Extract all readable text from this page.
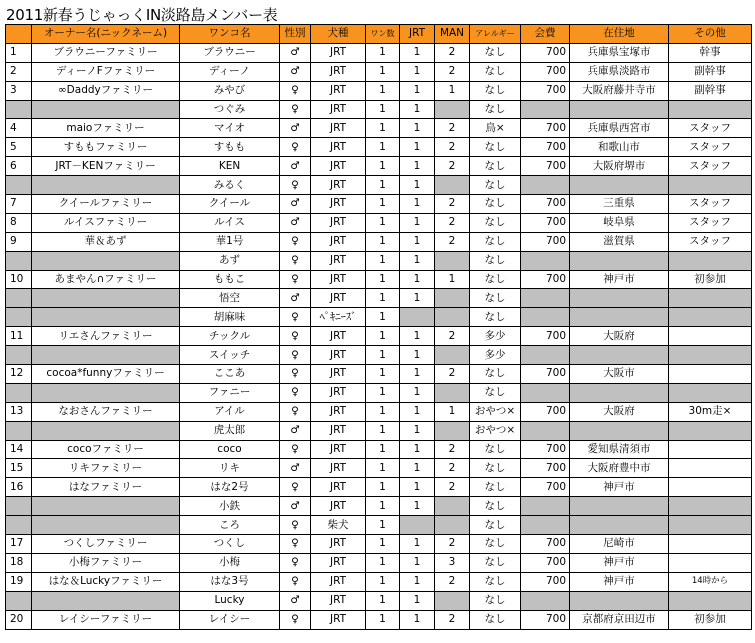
2011新春うじゃっくIN淡路島メンバー表
	オーナー名(ニックネーム)	ワンコ名	性別	犬種	ワン数	JRT	MAN	アレルギー	会費	在住地	その他
1	ブラウニーファミリー	ブラウニー	♂	JRT	1	1	2	なし	700	兵庫県宝塚市	幹事
2	ディーノFファミリー	ディーノ	♂	JRT	1	1	2	なし	700	兵庫県淡路市	副幹事
3	∞Daddyファミリー	みやび	♀	JRT	1	1	1	なし	700	大阪府藤井寺市	副幹事
		つぐみ	♀	JRT	1	1		なし			
4	maioファミリー	マイオ	♂	JRT	1	1	2	鳥×	700	兵庫県西宮市	スタッフ
5	すももファミリー	すもも	♀	JRT	1	1	2	なし	700	和歌山市	スタッフ
6	JRT－KENファミリー	KEN	♂	JRT	1	1	2	なし	700	大阪府堺市	スタッフ
		みるく	♀	JRT	1	1		なし			
7	クイールファミリー	クイール	♂	JRT	1	1	2	なし	700	三重県	スタッフ
8	ルイスファミリー	ルイス	♂	JRT	1	1	2	なし	700	岐阜県	スタッフ
9	華＆あず	華1号	♀	JRT	1	1	2	なし	700	滋賀県	スタッフ
		あず	♀	JRT	1	1		なし			
10	あまやん∩ファミリー	ももこ	♀	JRT	1	1	1	なし	700	神戸市	初参加
		悟空	♂	JRT	1	1		なし			
		胡麻味	♀	ﾍﾟｷﾆｰｽﾞ	1			なし			
11	リエさんファミリー	チックル	♀	JRT	1	1	2	多少	700	大阪府	
		スイッチ	♀	JRT	1	1		多少			
12	cocoa*funnyファミリー	ここあ	♀	JRT	1	1	2	なし	700	大阪市	
		ファニー	♀	JRT	1	1		なし			
13	なおさんファミリー	アイル	♀	JRT	1	1	1	おやつ×	700	大阪府	30m走×
		虎太郎	♂	JRT	1	1		おやつ×			
14	cocoファミリー	coco	♀	JRT	1	1	2	なし	700	愛知県清須市	
15	リキファミリー	リキ	♂	JRT	1	1	2	なし	700	大阪府豊中市	
16	はなファミリー	はな2号	♀	JRT	1	1	2	なし	700	神戸市	
		小鉄	♂	JRT	1	1		なし			
		ころ	♀	柴犬	1			なし			
17	つくしファミリー	つくし	♀	JRT	1	1	2	なし	700	尼崎市	
18	小梅ファミリー	小梅	♀	JRT	1	1	3	なし	700	神戸市	
19	はな＆Luckyファミリー	はな3号	♀	JRT	1	1	2	なし	700	神戸市	14時から
		Lucky	♂	JRT	1	1		なし			
20	レイシーファミリー	レイシー	♀	JRT	1	1	2	なし	700	京都府京田辺市	初参加
